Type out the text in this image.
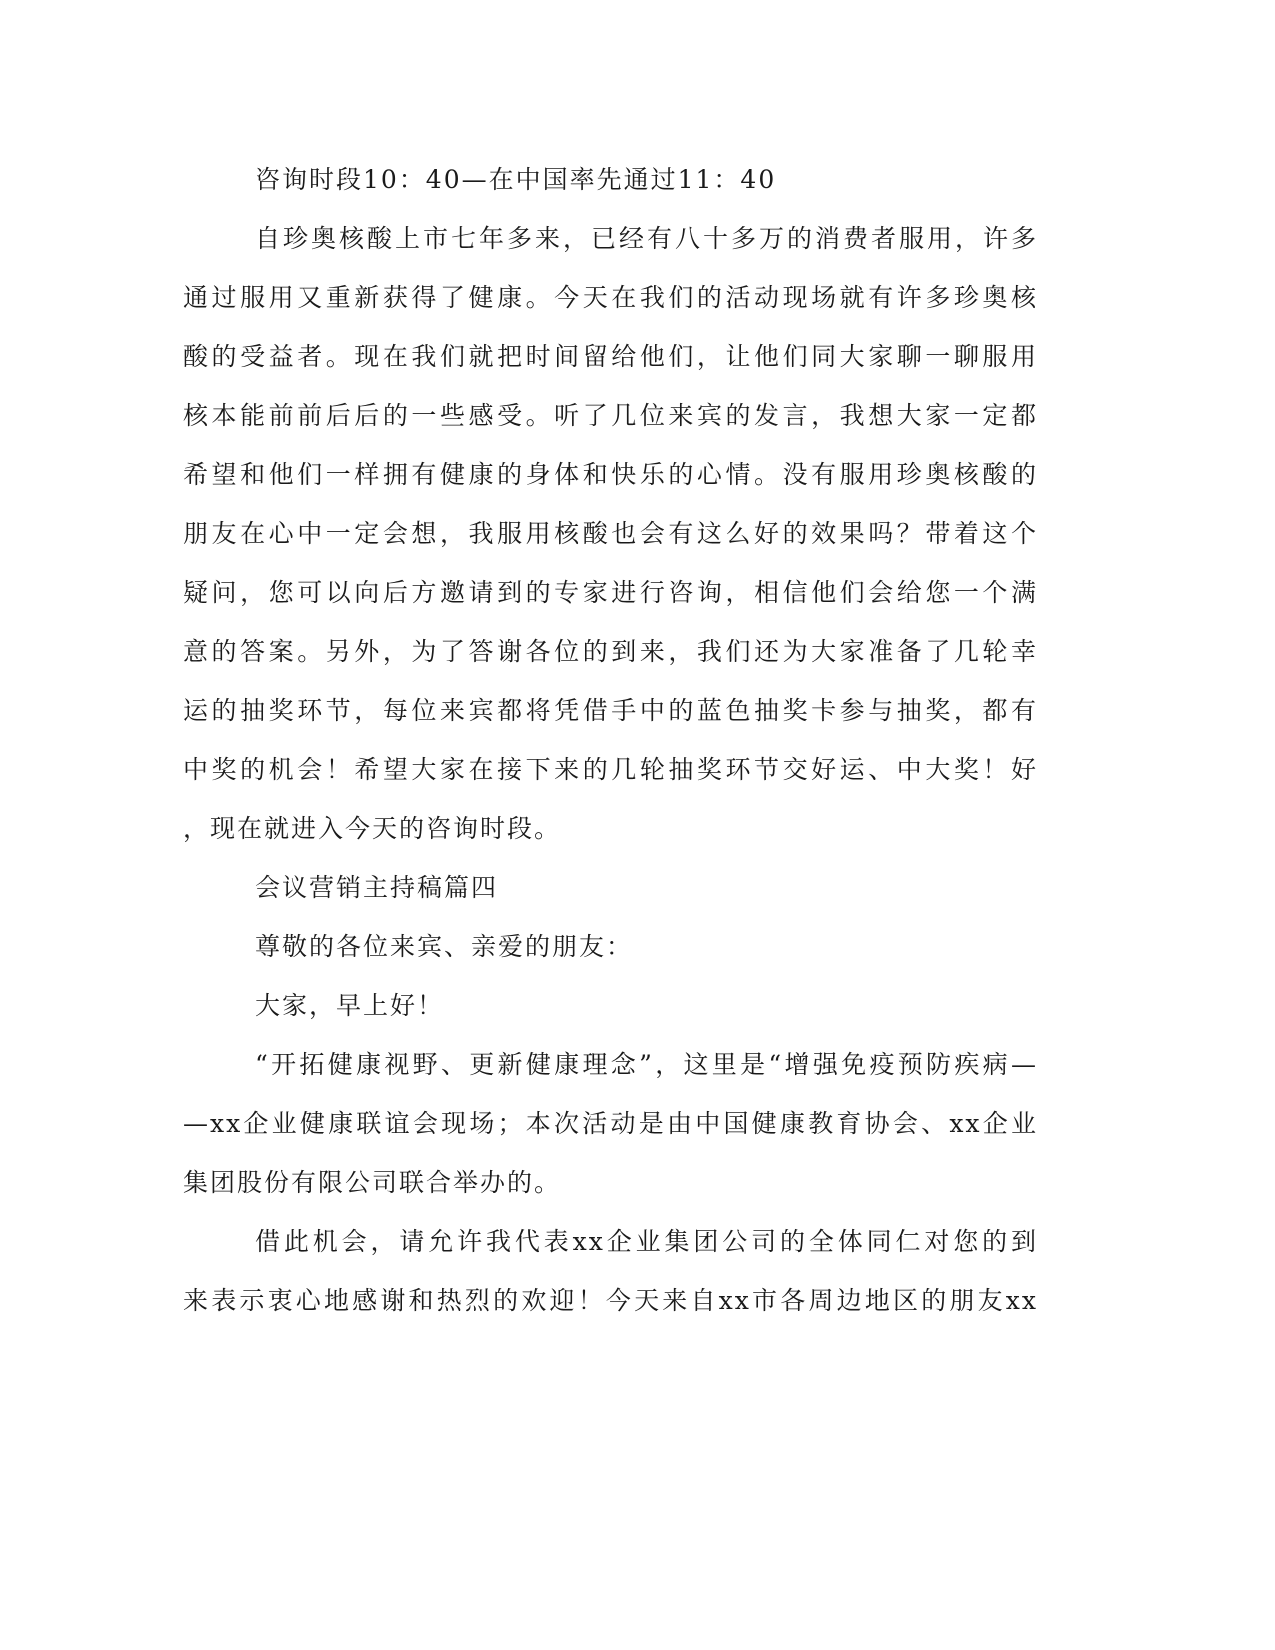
咨询时段10：40—在中国率先通过11：40
自珍奥核酸上市七年多来，已经有八十多万的消费者服用，许多
通过服用又重新获得了健康。今天在我们的活动现场就有许多珍奥核
酸的受益者。现在我们就把时间留给他们，让他们同大家聊一聊服用
核本能前前后后的一些感受。听了几位来宾的发言，我想大家一定都
希望和他们一样拥有健康的身体和快乐的心情。没有服用珍奥核酸的
朋友在心中一定会想，我服用核酸也会有这么好的效果吗？带着这个
疑问，您可以向后方邀请到的专家进行咨询，相信他们会给您一个满
意的答案。另外，为了答谢各位的到来，我们还为大家准备了几轮幸
运的抽奖环节，每位来宾都将凭借手中的蓝色抽奖卡参与抽奖，都有
中奖的机会！希望大家在接下来的几轮抽奖环节交好运、中大奖！好
，现在就进入今天的咨询时段。
会议营销主持稿篇四
尊敬的各位来宾、亲爱的朋友：
大家，早上好！
“开拓健康视野、更新健康理念”，这里是“增强免疫预防疾病—
—xx企业健康联谊会现场；本次活动是由中国健康教育协会、xx企业
集团股份有限公司联合举办的。
借此机会，请允许我代表xx企业集团公司的全体同仁对您的到
来表示衷心地感谢和热烈的欢迎！今天来自xx市各周边地区的朋友xx
